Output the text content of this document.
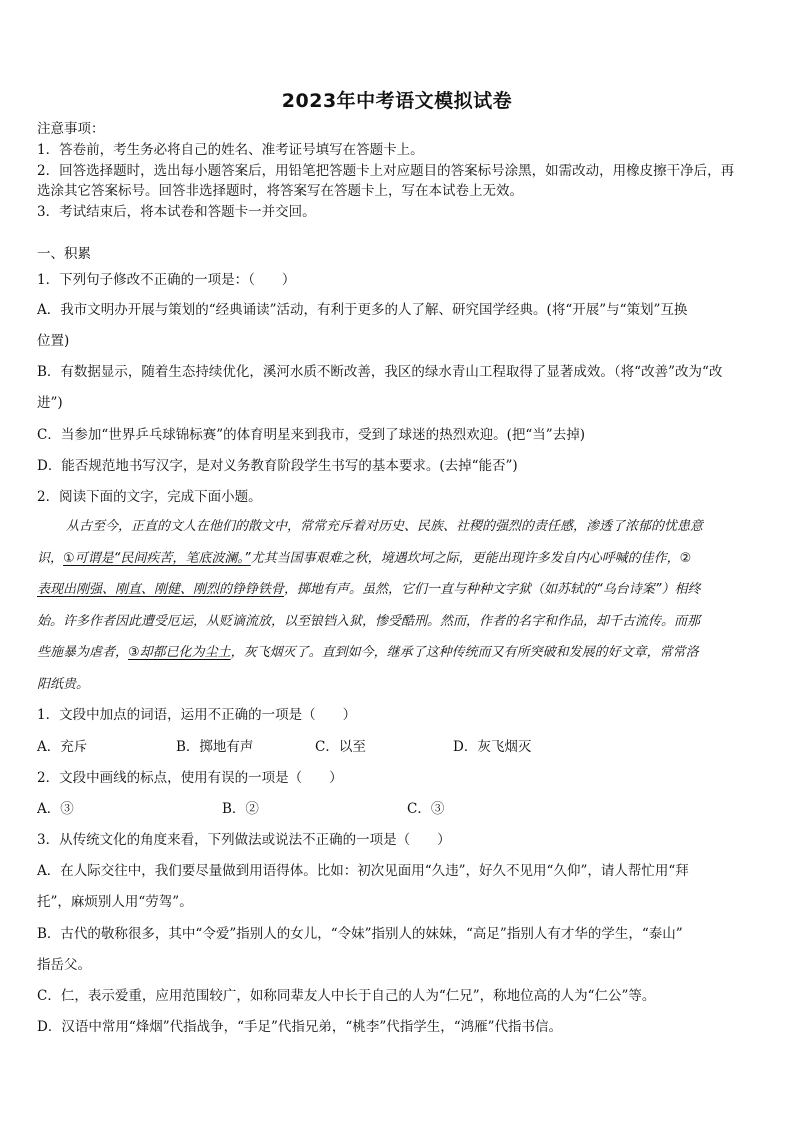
2023年中考语文模拟试卷
注意事项：
1．答卷前，考生务必将自己的姓名、准考证号填写在答题卡上。
2．回答选择题时，选出每小题答案后，用铅笔把答题卡上对应题目的答案标号涂黑，如需改动，用橡皮擦干净后，再
选涂其它答案标号。回答非选择题时，将答案写在答题卡上，写在本试卷上无效。
3．考试结束后，将本试卷和答题卡一并交回。
一、积累
1．下列句子修改不正确的一项是：（　　）
A．我市文明办开展与策划的“经典诵读”活动，有利于更多的人了解、研究国学经典。(将“开展”与“策划”互换
位置)
B．有数据显示，随着生态持续优化，溪河水质不断改善，我区的绿水青山工程取得了显著成效。（将“改善”改为“改
进”)
C．当参加“世界乒乓球锦标赛”的体育明星来到我市，受到了球迷的热烈欢迎。(把“当”去掉)
D．能否规范地书写汉字，是对义务教育阶段学生书写的基本要求。(去掉“能否”)
2．阅读下面的文字，完成下面小题。
从古至今，正直的文人在他们的散文中，常常充斥着对历史、民族、社稷的强烈的责任感，渗透了浓郁的忧患意
识，①可谓是“民间疾苦，笔底波澜。”尤其当国事艰难之秋，境遇坎坷之际，更能出现许多发自内心呼喊的佳作，②
表现出刚强、刚直、刚健、刚烈的铮铮铁骨，掷地有声。虽然，它们一直与种种文字狱（如苏轼的“乌台诗案”）相终
始。许多作者因此遭受厄运，从贬谪流放，以至锒铛入狱，惨受酷刑。然而，作者的名字和作品，却千古流传。而那
些施暴为虐者，③却都已化为尘土，灰飞烟灭了。直到如今，继承了这种传统而又有所突破和发展的好文章，常常洛
阳纸贵。
1．文段中加点的词语，运用不正确的一项是（　　）
A．充斥	B．掷地有声	C．以至	D．灰飞烟灭
2．文段中画线的标点，使用有误的一项是（　　）
A．③	B．②	C．③
3．从传统文化的角度来看，下列做法或说法不正确的一项是（　　）
A．在人际交往中，我们要尽量做到用语得体。比如：初次见面用“久违”，好久不见用“久仰”，请人帮忙用“拜
托”，麻烦别人用“劳驾”。
B．古代的敬称很多，其中“令爱”指别人的女儿，“令妹”指别人的妹妹，“高足”指别人有才华的学生，“泰山”
指岳父。
C．仁，表示爱重，应用范围较广，如称同辈友人中长于自己的人为“仁兄”，称地位高的人为“仁公”等。
D．汉语中常用“烽烟”代指战争，“手足”代指兄弟，“桃李”代指学生，“鸿雁”代指书信。
